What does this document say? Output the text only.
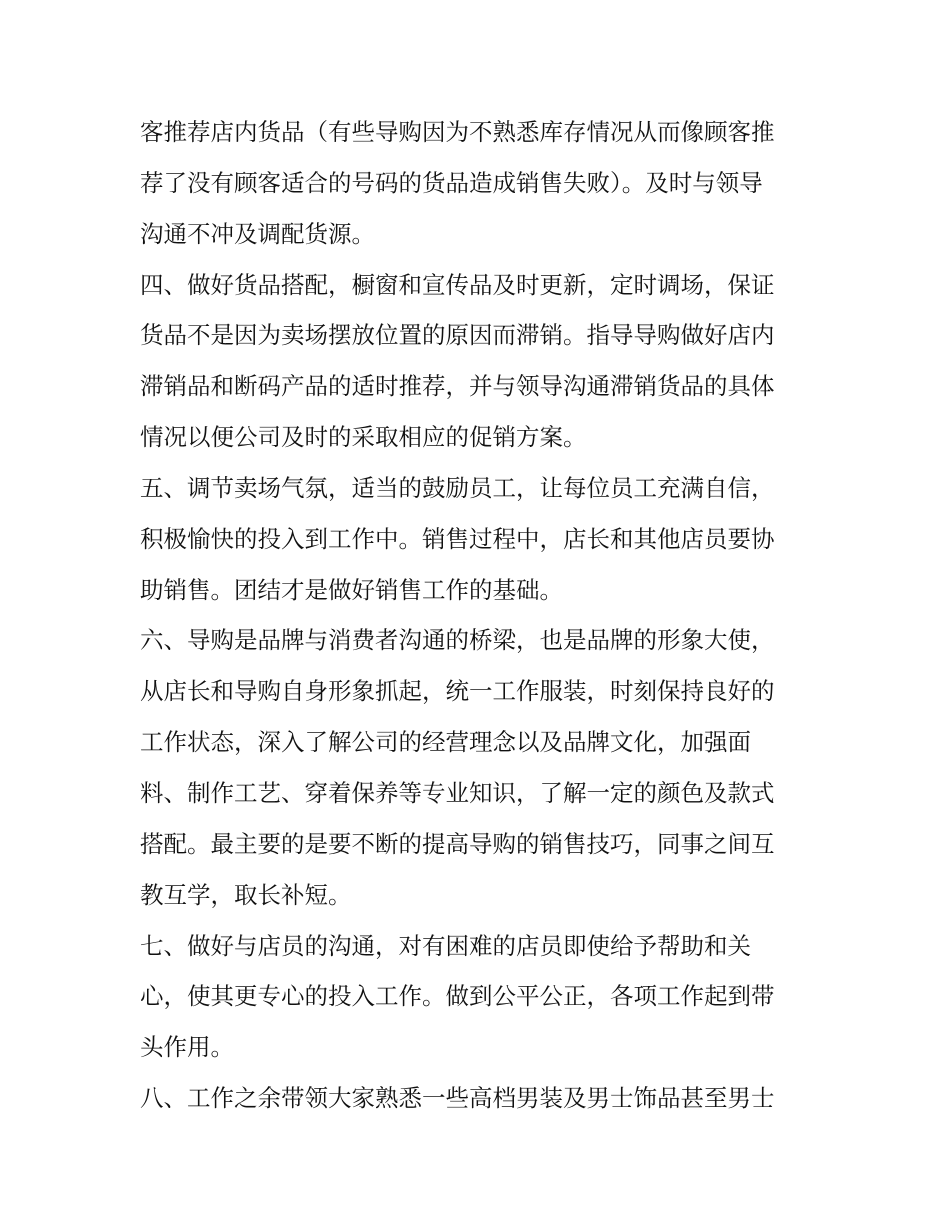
客推荐店内货品（有些导购因为不熟悉库存情况从而像顾客推
荐了没有顾客适合的号码的货品造成销售失败）。及时与领导
沟通不冲及调配货源。
四、做好货品搭配，橱窗和宣传品及时更新，定时调场，保证
货品不是因为卖场摆放位置的原因而滞销。指导导购做好店内
滞销品和断码产品的适时推荐，并与领导沟通滞销货品的具体
情况以便公司及时的采取相应的促销方案。
五、调节卖场气氛，适当的鼓励员工，让每位员工充满自信，
积极愉快的投入到工作中。销售过程中，店长和其他店员要协
助销售。团结才是做好销售工作的基础。
六、导购是品牌与消费者沟通的桥梁，也是品牌的形象大使，
从店长和导购自身形象抓起，统一工作服装，时刻保持良好的
工作状态，深入了解公司的经营理念以及品牌文化，加强面
料、制作工艺、穿着保养等专业知识，了解一定的颜色及款式
搭配。最主要的是要不断的提高导购的销售技巧，同事之间互
教互学，取长补短。
七、做好与店员的沟通，对有困难的店员即使给予帮助和关
心，使其更专心的投入工作。做到公平公正，各项工作起到带
头作用。
八、工作之余带领大家熟悉一些高档男装及男士饰品甚至男士
